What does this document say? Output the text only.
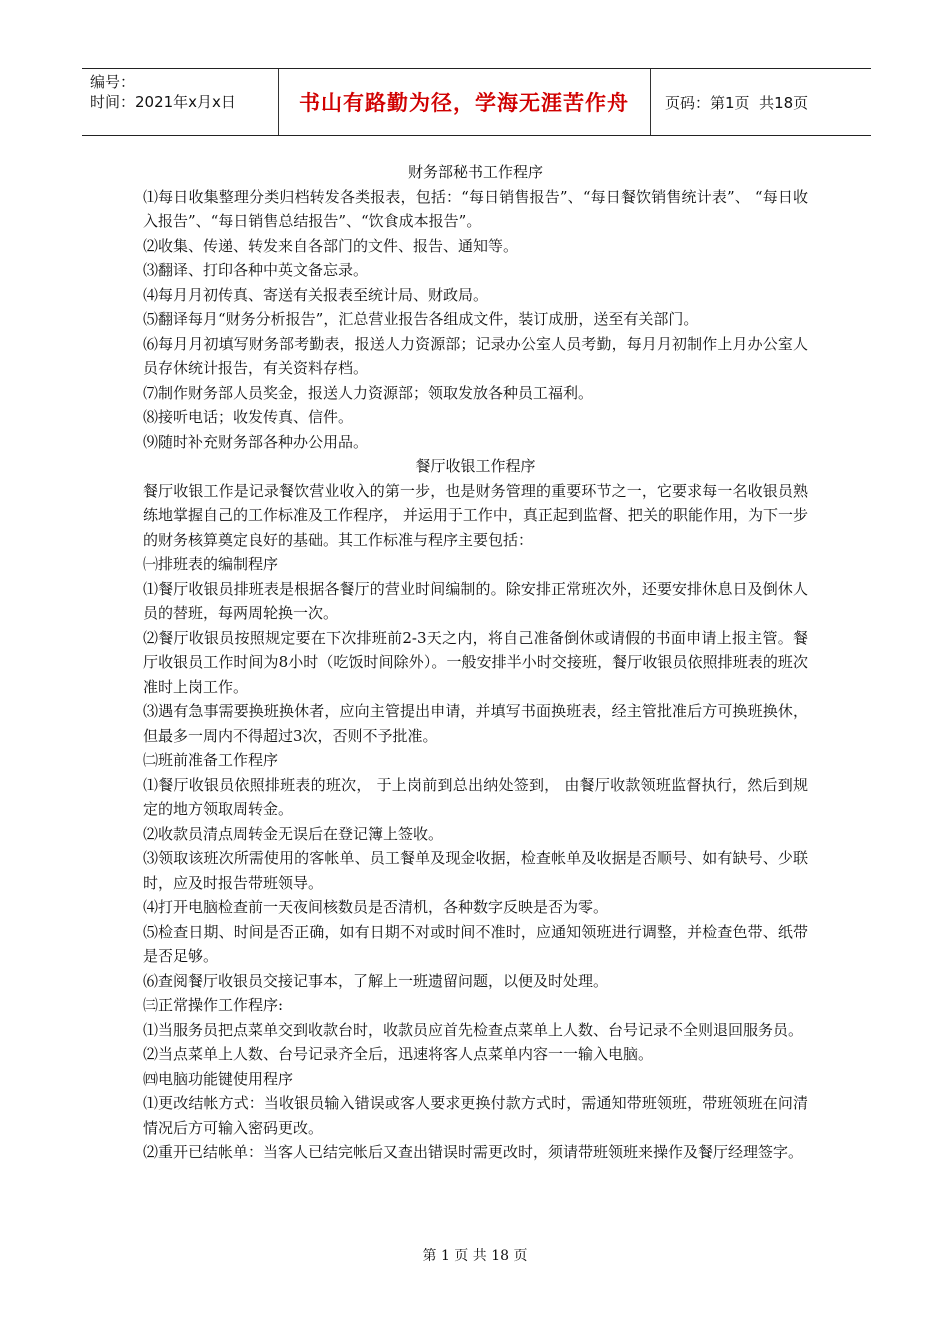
编号：
时间：2021年x月x日	书山有路勤为径，学海无涯苦作舟	页码：第1页  共18页

财务部秘书工作程序

⑴每日收集整理分类归档转发各类报表，包括：“每日销售报告”、“每日餐饮销售统计表”、 “每日收入报告”、“每日销售总结报告”、“饮食成本报告”。

⑵收集、传递、转发来自各部门的文件、报告、通知等。

⑶翻译、打印各种中英文备忘录。

⑷每月月初传真、寄送有关报表至统计局、财政局。

⑸翻译每月“财务分析报告”，汇总营业报告各组成文件，装订成册，送至有关部门。

⑹每月月初填写财务部考勤表，报送人力资源部；记录办公室人员考勤，每月月初制作上月办公室人员存休统计报告，有关资料存档。

⑺制作财务部人员奖金，报送人力资源部；领取发放各种员工福利。

⑻接听电话；收发传真、信件。

⑼随时补充财务部各种办公用品。

餐厅收银工作程序

餐厅收银工作是记录餐饮营业收入的第一步，也是财务管理的重要环节之一，它要求每一名收银员熟练地掌握自己的工作标准及工作程序， 并运用于工作中，真正起到监督、把关的职能作用，为下一步的财务核算奠定良好的基础。其工作标准与程序主要包括：

㈠排班表的编制程序

⑴餐厅收银员排班表是根据各餐厅的营业时间编制的。除安排正常班次外，还要安排休息日及倒休人员的替班，每两周轮换一次。

⑵餐厅收银员按照规定要在下次排班前2-3天之内，将自己准备倒休或请假的书面申请上报主管。餐厅收银员工作时间为8小时（吃饭时间除外）。一般安排半小时交接班，餐厅收银员依照排班表的班次准时上岗工作。

⑶遇有急事需要换班换休者，应向主管提出申请，并填写书面换班表，经主管批准后方可换班换休，但最多一周内不得超过3次，否则不予批准。

㈡班前准备工作程序

⑴餐厅收银员依照排班表的班次， 于上岗前到总出纳处签到， 由餐厅收款领班监督执行，然后到规定的地方领取周转金。

⑵收款员清点周转金无误后在登记簿上签收。

⑶领取该班次所需使用的客帐单、员工餐单及现金收据，检查帐单及收据是否顺号、如有缺号、少联时，应及时报告带班领导。

⑷打开电脑检查前一天夜间核数员是否清机，各种数字反映是否为零。

⑸检查日期、时间是否正确，如有日期不对或时间不准时，应通知领班进行调整，并检查色带、纸带是否足够。

⑹查阅餐厅收银员交接记事本，了解上一班遗留问题，以便及时处理。

㈢正常操作工作程序:

⑴当服务员把点菜单交到收款台时，收款员应首先检查点菜单上人数、台号记录不全则退回服务员。

⑵当点菜单上人数、台号记录齐全后，迅速将客人点菜单内容一一输入电脑。

㈣电脑功能键使用程序

⑴更改结帐方式：当收银员输入错误或客人要求更换付款方式时，需通知带班领班，带班领班在问清情况后方可输入密码更改。

⑵重开已结帐单：当客人已结完帐后又查出错误时需更改时，须请带班领班来操作及餐厅经理签字。

第 1 页 共 18 页
